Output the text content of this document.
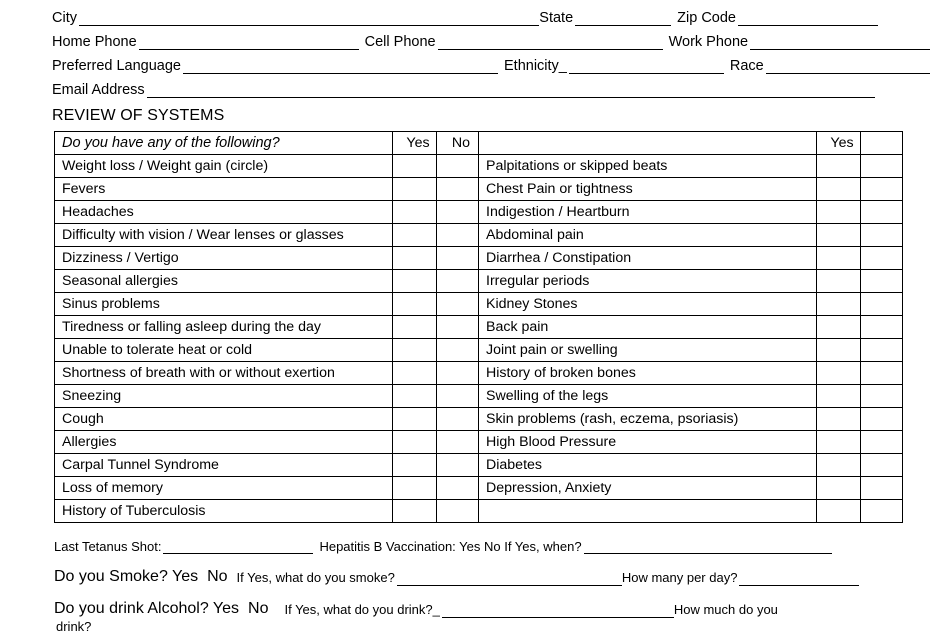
City	State	Zip Code
Home Phone	Cell Phone	Work Phone
Preferred Language	Ethnicity_	Race
Email Address
REVIEW OF SYSTEMS
Do you have any of the following?	Yes	No		Yes	
Weight loss / Weight gain (circle)			Palpitations or skipped beats		
Fevers			Chest Pain or tightness		
Headaches			Indigestion / Heartburn		
Difficulty with vision / Wear lenses or glasses			Abdominal pain		
Dizziness / Vertigo			Diarrhea / Constipation		
Seasonal allergies			Irregular periods		
Sinus problems			Kidney Stones		
Tiredness or falling asleep during the day			Back pain		
Unable to tolerate heat or cold			Joint pain or swelling		
Shortness of breath with or without exertion			History of broken bones		
Sneezing			Swelling of the legs		
Cough			Skin problems (rash, eczema, psoriasis)		
Allergies			High Blood Pressure		
Carpal Tunnel Syndrome			Diabetes		
Loss of memory			Depression, Anxiety		
History of Tuberculosis					
Last Tetanus Shot:	Hepatitis B Vaccination: Yes No If Yes, when?
Do you Smoke? Yes No If Yes, what do you smoke?	How many per day?
Do you drink Alcohol? Yes No If Yes, what do you drink?_	How much do you
drink?
